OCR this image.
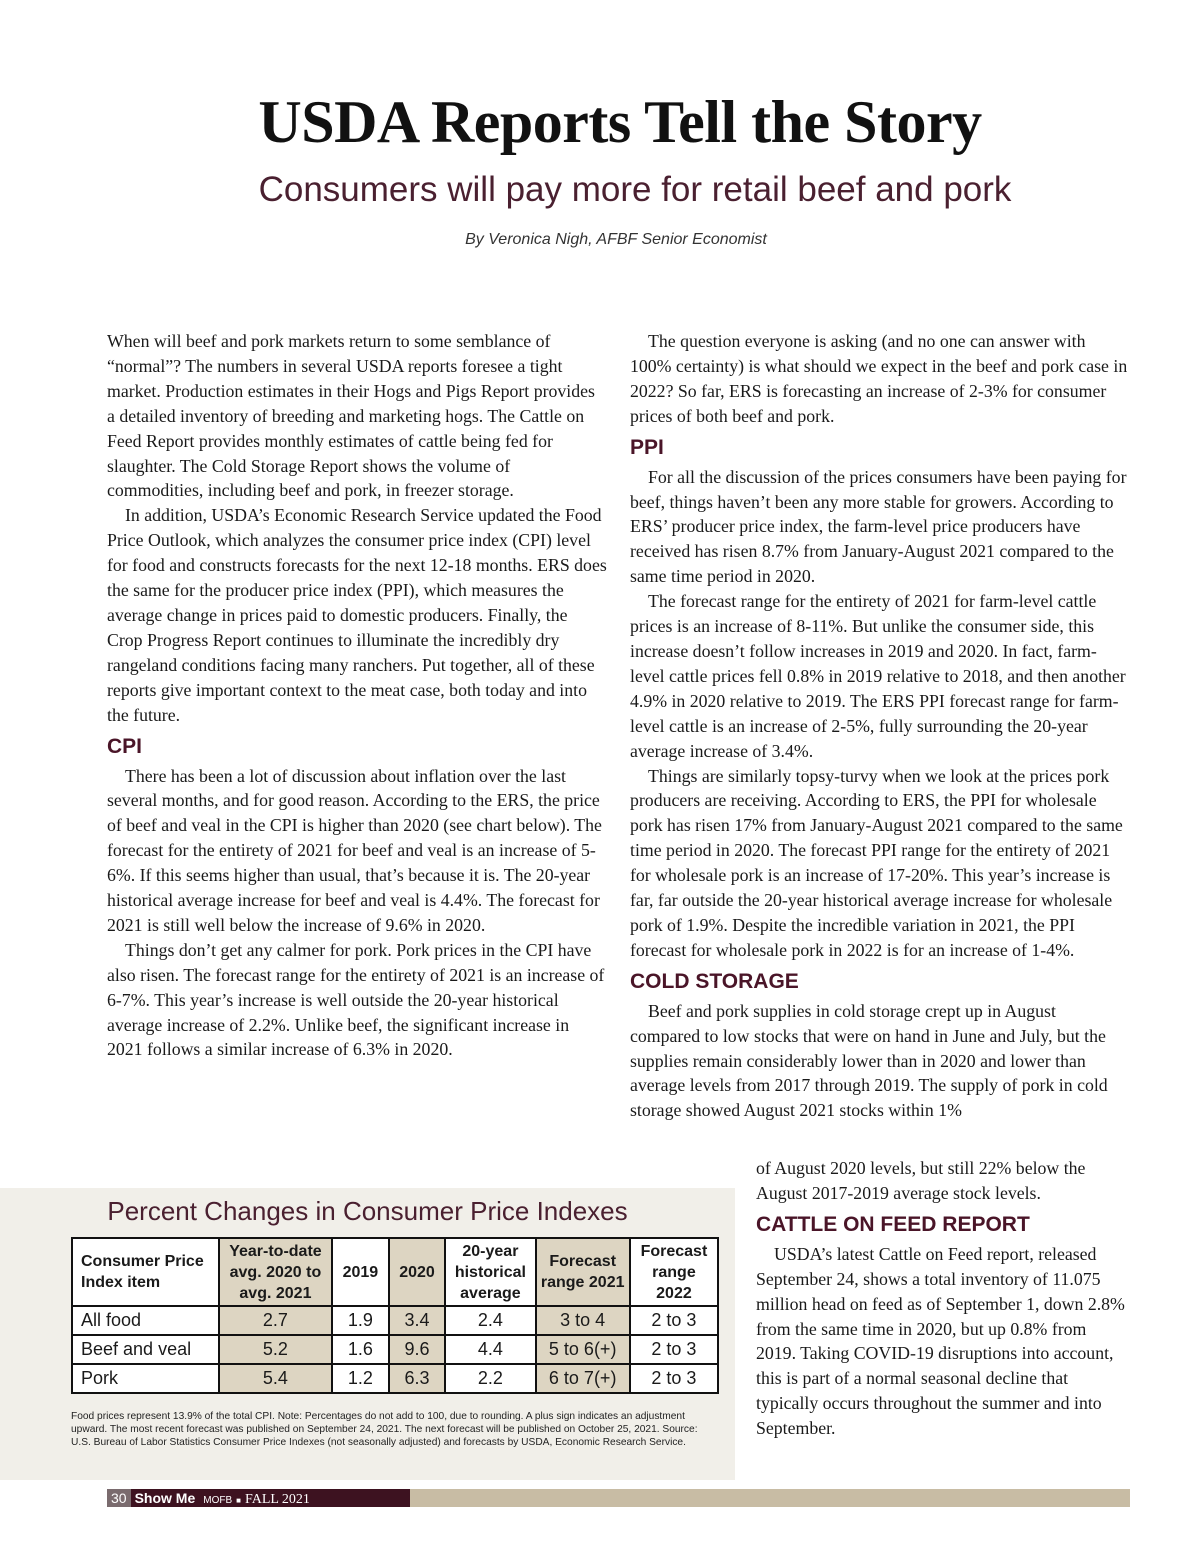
USDA Reports Tell the Story
Consumers will pay more for retail beef and pork
By Veronica Nigh, AFBF Senior Economist

When will beef and pork markets return to some semblance of “normal”? The numbers in several USDA reports foresee a tight market. Production estimates in their Hogs and Pigs Report provides a detailed inventory of breeding and marketing hogs. The Cattle on Feed Report provides monthly estimates of cattle being fed for slaughter. The Cold Storage Report shows the volume of commodities, including beef and pork, in freezer storage.

In addition, USDA’s Economic Research Service updated the Food Price Outlook, which analyzes the consumer price index (CPI) level for food and constructs forecasts for the next 12-18 months. ERS does the same for the producer price index (PPI), which measures the average change in prices paid to domestic producers. Finally, the Crop Progress Report continues to illuminate the incredibly dry rangeland conditions facing many ranchers. Put together, all of these reports give important context to the meat case, both today and into the future.

CPI

There has been a lot of discussion about inflation over the last several months, and for good reason. According to the ERS, the price of beef and veal in the CPI is higher than 2020 (see chart below). The forecast for the entirety of 2021 for beef and veal is an increase of 5-6%. If this seems higher than usual, that’s because it is. The 20-year historical average increase for beef and veal is 4.4%. The forecast for 2021 is still well below the increase of 9.6% in 2020.

Things don’t get any calmer for pork. Pork prices in the CPI have also risen. The forecast range for the entirety of 2021 is an increase of 6-7%. This year’s increase is well outside the 20-year historical average increase of 2.2%. Unlike beef, the significant increase in 2021 follows a similar increase of 6.3% in 2020.

The question everyone is asking (and no one can answer with 100% certainty) is what should we expect in the beef and pork case in 2022? So far, ERS is forecasting an increase of 2-3% for consumer prices of both beef and pork.

PPI

For all the discussion of the prices consumers have been paying for beef, things haven’t been any more stable for growers. According to ERS’ producer price index, the farm-level price producers have received has risen 8.7% from January-August 2021 compared to the same time period in 2020.

The forecast range for the entirety of 2021 for farm-level cattle prices is an increase of 8-11%. But unlike the consumer side, this increase doesn’t follow increases in 2019 and 2020. In fact, farm-level cattle prices fell 0.8% in 2019 relative to 2018, and then another 4.9% in 2020 relative to 2019. The ERS PPI forecast range for farm-level cattle is an increase of 2-5%, fully surrounding the 20-year average increase of 3.4%.

Things are similarly topsy-turvy when we look at the prices pork producers are receiving. According to ERS, the PPI for wholesale pork has risen 17% from January-August 2021 compared to the same time period in 2020. The forecast PPI range for the entirety of 2021 for wholesale pork is an increase of 17-20%. This year’s increase is far, far outside the 20-year historical average increase for wholesale pork of 1.9%. Despite the incredible variation in 2021, the PPI forecast for wholesale pork in 2022 is for an increase of 1-4%.

COLD STORAGE

Beef and pork supplies in cold storage crept up in August compared to low stocks that were on hand in June and July, but the supplies remain considerably lower than in 2020 and lower than average levels from 2017 through 2019. The supply of pork in cold storage showed August 2021 stocks within 1%

of August 2020 levels, but still 22% below the August 2017-2019 average stock levels.

CATTLE ON FEED REPORT

USDA’s latest Cattle on Feed report, released September 24, shows a total inventory of 11.075 million head on feed as of September 1, down 2.8% from the same time in 2020, but up 0.8% from 2019. Taking COVID-19 disruptions into account, this is part of a normal seasonal decline that typically occurs throughout the summer and into September.

Percent Changes in Consumer Price Indexes
Consumer Price Index item	Year-to-date avg. 2020 to avg. 2021	2019	2020	20-year historical average	Forecast range 2021	Forecast range 2022
All food	2.7	1.9	3.4	2.4	3 to 4	2 to 3
Beef and veal	5.2	1.6	9.6	4.4	5 to 6(+)	2 to 3
Pork	5.4	1.2	6.3	2.2	6 to 7(+)	2 to 3
Food prices represent 13.9% of the total CPI. Note: Percentages do not add to 100, due to rounding. A plus sign indicates an adjustment upward. The most recent forecast was published on September 24, 2021. The next forecast will be published on October 25, 2021. Source: U.S. Bureau of Labor Statistics Consumer Price Indexes (not seasonally adjusted) and forecasts by USDA, Economic Research Service.
30 Show Me MOFB ■ FALL 2021
